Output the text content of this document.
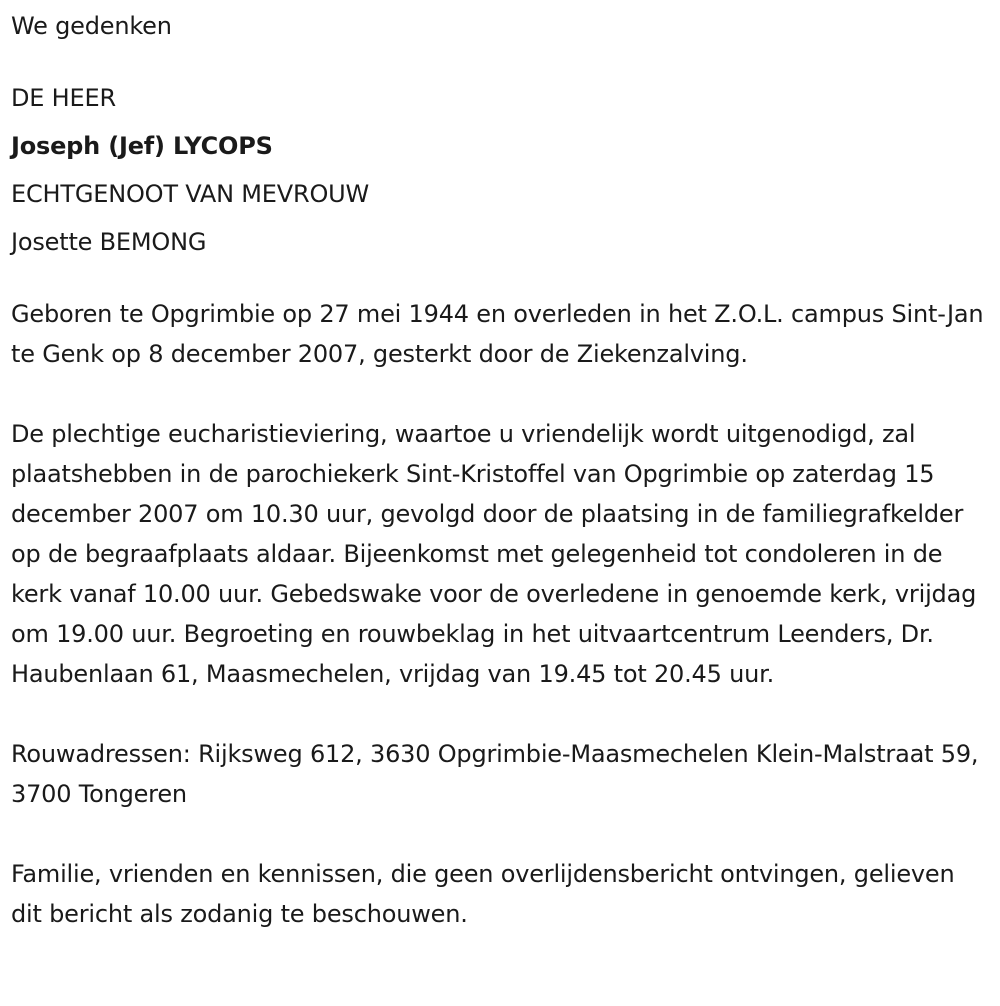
We gedenken
DE HEER
Joseph (Jef) LYCOPS
ECHTGENOOT VAN MEVROUW
Josette BEMONG

Geboren te Opgrimbie op 27 mei 1944 en overleden in het Z.O.L. campus Sint-Jan te Genk op 8 december 2007, gesterkt door de Ziekenzalving.

De plechtige eucharistieviering, waartoe u vriendelijk wordt uitgenodigd, zal plaatshebben in de parochiekerk Sint-Kristoffel van Opgrimbie op zaterdag 15 december 2007 om 10.30 uur, gevolgd door de plaatsing in de familiegrafkelder op de begraafplaats aldaar. Bijeenkomst met gelegenheid tot condoleren in de kerk vanaf 10.00 uur. Gebedswake voor de overledene in genoemde kerk, vrijdag om 19.00 uur. Begroeting en rouwbeklag in het uitvaartcentrum Leenders, Dr. Haubenlaan 61, Maasmechelen, vrijdag van 19.45 tot 20.45 uur.

Rouwadressen: Rijksweg 612, 3630 Opgrimbie-Maasmechelen Klein-Malstraat 59, 3700 Tongeren

Familie, vrienden en kennissen, die geen overlijdensbericht ontvingen, gelieven dit bericht als zodanig te beschouwen.
